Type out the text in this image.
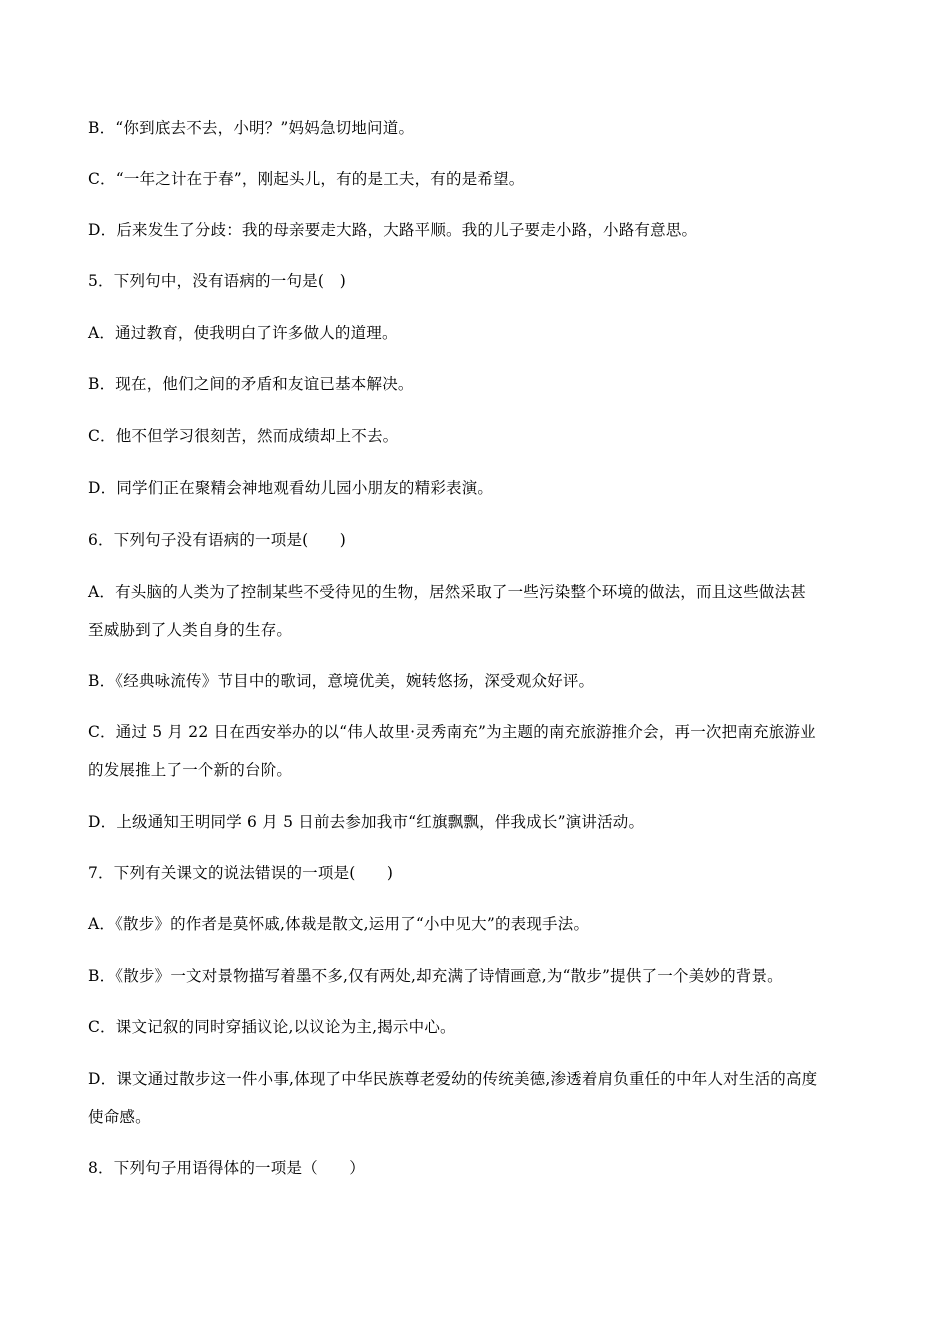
B．“你到底去不去，小明？”妈妈急切地问道。
C．“一年之计在于春”，刚起头儿，有的是工夫，有的是希望。
D．后来发生了分歧：我的母亲要走大路，大路平顺。我的儿子要走小路，小路有意思。
5．下列句中，没有语病的一句是(　)
A．通过教育，使我明白了许多做人的道理。
B．现在，他们之间的矛盾和友谊已基本解决。
C．他不但学习很刻苦，然而成绩却上不去。
D．同学们正在聚精会神地观看幼儿园小朋友的精彩表演。
6．下列句子没有语病的一项是(　　)
A．有头脑的人类为了控制某些不受待见的生物，居然采取了一些污染整个环境的做法，而且这些做法甚
至威胁到了人类自身的生存。
B．《经典咏流传》节目中的歌词，意境优美，婉转悠扬，深受观众好评。
C．通过 5 月 22 日在西安举办的以“伟人故里·灵秀南充”为主题的南充旅游推介会，再一次把南充旅游业
的发展推上了一个新的台阶。
D．上级通知王明同学 6 月 5 日前去参加我市“红旗飘飘，伴我成长”演讲活动。
7．下列有关课文的说法错误的一项是(　　)
A．《散步》的作者是莫怀戚,体裁是散文,运用了“小中见大”的表现手法。
B．《散步》一文对景物描写着墨不多,仅有两处,却充满了诗情画意,为“散步”提供了一个美妙的背景。
C．课文记叙的同时穿插议论,以议论为主,揭示中心。
D．课文通过散步这一件小事,体现了中华民族尊老爱幼的传统美德,渗透着肩负重任的中年人对生活的高度
使命感。
8．下列句子用语得体的一项是（　　）
